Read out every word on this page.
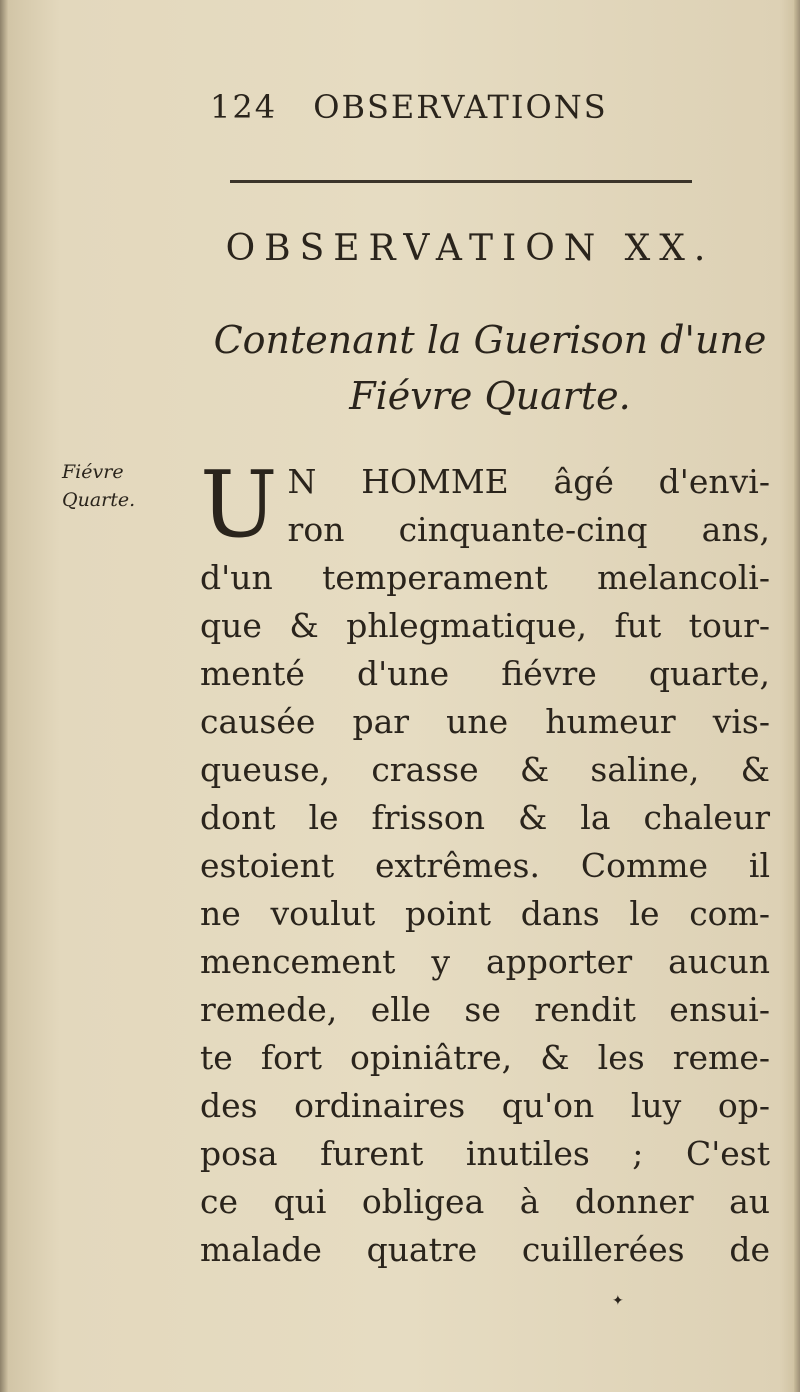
124 OBSERVATIONS
OBSERVATION XX.
Contenant la Guerison d'une
Fiévre Quarte.
Fiévre
Quarte. U N HOMME âgé d'envi-
ron cinquante-cinq ans,
d'un temperament melancoli-
que & phlegmatique, fut tour-
menté d'une fiévre quarte,
causée par une humeur vis-
queuse, crasse & saline, &
dont le frisson & la chaleur
estoient extrêmes. Comme il
ne voulut point dans le com-
mencement y apporter aucun
remede, elle se rendit ensui-
te fort opiniâtre, & les reme-
des ordinaires qu'on luy op-
posa furent inutiles ; C'est
ce qui obligea à donner au
malade quatre cuillerées de
✦
